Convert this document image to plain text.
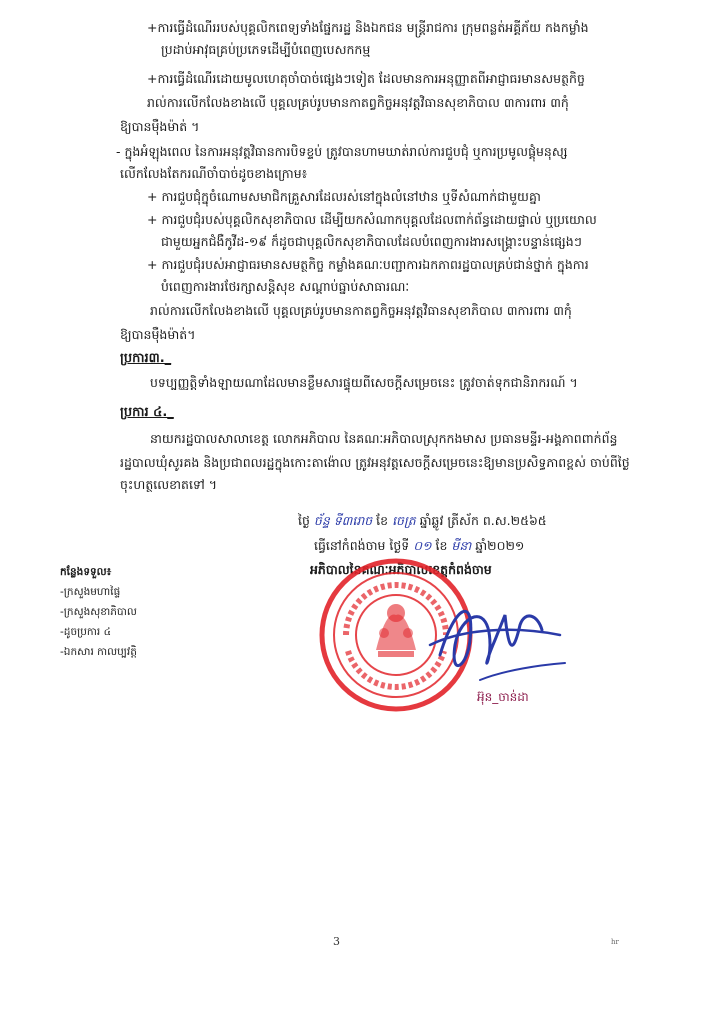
+ការធ្វើដំណើររបស់បុគ្គលិកពេទ្យទាំងផ្នែករដ្ឋ និងឯកជន មន្ត្រីរាជការ ក្រុមពន្លត់អគ្គីភ័យ កងកម្លាំង
ប្រដាប់អាវុធគ្រប់ប្រភេទដើម្បីបំពេញបេសកកម្ម
+ការធ្វើដំណើរដោយមូលហេតុចាំបាច់ផ្សេងៗទៀត ដែលមានការអនុញ្ញាតពីអាជ្ញាធរមានសមត្ថកិច្ច
រាល់ការលើកលែងខាងលើ បុគ្គលគ្រប់រូបមានកាតព្វកិច្ចអនុវត្តវិធានសុខាភិបាល ៣ការពារ ៣កុំ
ឱ្យបានម៉ឺងម៉ាត់ ។
- ក្នុងអំឡុងពេល នៃការអនុវត្តវិធានការបិទខ្ទប់ ត្រូវបានហាមឃាត់រាល់ការជួបជុំ ឬការប្រមូលផ្តុំមនុស្ស
លើកលែងតែករណីចាំបាច់ដូចខាងក្រោម៖
+ ការជួបជុំក្នុចំណោមសមាជិកគ្រួសារដែលរស់នៅក្នុងលំនៅឋាន ឬទីសំណាក់ជាមួយគ្នា
+ ការជួបជុំរបស់បុគ្គលិកសុខាភិបាល ដើម្បីយកសំណាកបុគ្គលដែលពាក់ព័ន្ធដោយផ្ទាល់ ឬប្រយោល
ជាមួយអ្នកជំងឺកូវីដ-១៩ ក៏ដូចជាបុគ្គលិកសុខាភិបាលដែលបំពេញការងារសង្គ្រោះបន្ទាន់ផ្សេងៗ
+ ការជួបជុំរបស់អាជ្ញាធរមានសមត្ថកិច្ច កម្លាំងគណៈបញ្ជាការឯកភាពរដ្ឋបាលគ្រប់ជាន់ថ្នាក់ ក្នុងការ
បំពេញការងារថែរក្សាសន្តិសុខ សណ្តាប់ធ្នាប់សាធារណៈ
រាល់ការលើកលែងខាងលើ បុគ្គលគ្រប់រូបមានកាតព្វកិច្ចអនុវត្តវិធានសុខាភិបាល ៣ការពារ ៣កុំ
ឱ្យបានម៉ឺងម៉ាត់។
ប្រការ៣._
បទប្បញ្ញត្តិទាំងឡាយណាដែលមានខ្លឹមសារផ្ទុយពីសេចក្តីសម្រេចនេះ ត្រូវចាត់ទុកជានិរាករណ៍ ។
ប្រការ ៤._
នាយករដ្ឋបាលសាលាខេត្ត លោកអភិបាល នៃគណៈអភិបាលស្រុកកងមាស ប្រធានមន្ទីរ-អង្គភាពពាក់ព័ន្ធ
រដ្ឋបាលឃុំសូរគង និងប្រជាពលរដ្ឋក្នុងកោះតាង៉ោល ត្រូវអនុវត្តសេចក្តីសម្រេចនេះឱ្យមានប្រសិទ្ធភាពខ្ពស់ ចាប់ពីថ្ងៃ
ចុះហត្ថលេខាតទៅ ។
ថ្ងៃ ច័ន្ទ ទី៣រោច ខែ ចេត្រ ឆ្នាំឆ្លូវ ត្រីស័ក ព.ស.២៥៦៥
ធ្វើនៅកំពង់ចាម ថ្ងៃទី ០១ ខែ មីនា ឆ្នាំ២០២១
អភិបាលនៃគណៈអភិបាលខេត្តកំពង់ចាម
អ៊ុន_ចាន់ដា
កន្លែងទទួល៖
-ក្រសួងមហាផ្ទៃ
-ក្រសួងសុខាភិបាល
-ដូចប្រការ ៤
-ឯកសារ កាលប្បវត្តិ
3	hr
